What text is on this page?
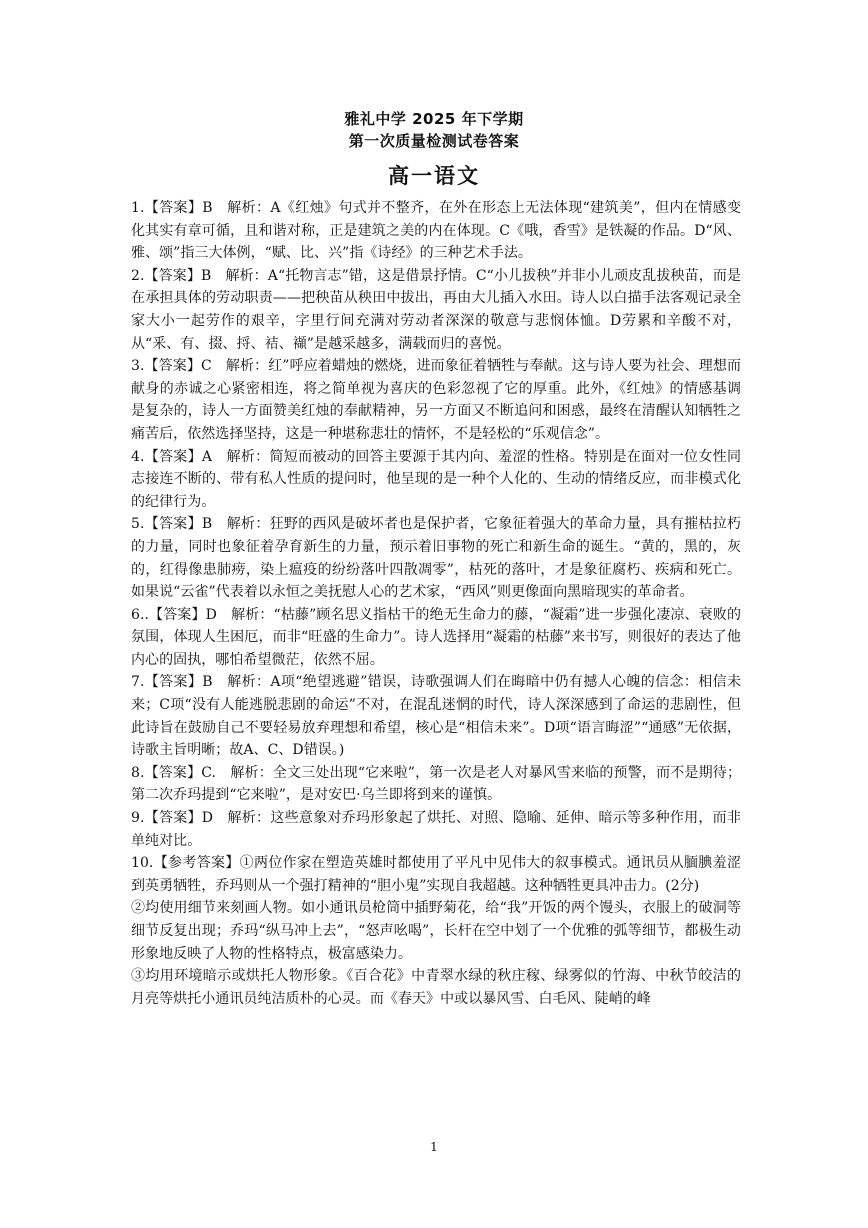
雅礼中学 2025 年下学期
第一次质量检测试卷答案
高一语文

1.【答案】B　解析：A《红烛》句式并不整齐，在外在形态上无法体现“建筑美”，但内在情感变化其实有章可循，且和谐对称，正是建筑之美的内在体现。C《哦，香雪》是铁凝的作品。D“风、雅、颂”指三大体例，“赋、比、兴”指《诗经》的三种艺术手法。

2.【答案】B　解析：A“托物言志”错，这是借景抒情。C“小儿拔秧”并非小儿顽皮乱拔秧苗，而是在承担具体的劳动职责——把秧苗从秧田中拔出，再由大儿插入水田。诗人以白描手法客观记录全家大小一起劳作的艰辛，字里行间充满对劳动者深深的敬意与悲悯体恤。D劳累和辛酸不对，从“釆、有、掇、捋、袺、襭”是越采越多，满载而归的喜悦。

3.【答案】C　解析：红”呼应着蜡烛的燃烧，进而象征着牺牲与奉献。这与诗人要为社会、理想而献身的赤诚之心紧密相连，将之简单视为喜庆的色彩忽视了它的厚重。此外，《红烛》的情感基调是复杂的，诗人一方面赞美红烛的奉献精神，另一方面又不断追问和困惑，最终在清醒认知牺牲之痛苦后，依然选择坚持，这是一种堪称悲壮的情怀，不是轻松的“乐观信念”。

4.【答案】A　解析：简短而被动的回答主要源于其内向、羞涩的性格。特别是在面对一位女性同志接连不断的、带有私人性质的提问时，他呈现的是一种个人化的、生动的情绪反应，而非模式化的纪律行为。

5.【答案】B　解析：狂野的西风是破坏者也是保护者，它象征着强大的革命力量，具有摧枯拉朽的力量，同时也象征着孕育新生的力量，预示着旧事物的死亡和新生命的诞生。“黄的，黑的，灰的，红得像患肺痨，染上瘟疫的纷纷落叶四散凋零”，枯死的落叶，才是象征腐朽、疾病和死亡。如果说“云雀”代表着以永恒之美抚慰人心的艺术家，“西风”则更像面向黑暗现实的革命者。

6..【答案】D　解析：“枯藤”顾名思义指枯干的绝无生命力的藤，“凝霜”进一步强化凄凉、衰败的氛围，体现人生困厄，而非“旺盛的生命力”。诗人选择用“凝霜的枯藤”来书写，则很好的表达了他内心的固执，哪怕希望微茫，依然不屈。

7.【答案】B　解析：A项“绝望逃避”错误，诗歌强调人们在晦暗中仍有撼人心魄的信念：相信未来；C项“没有人能逃脱悲剧的命运”不对，在混乱迷惘的时代，诗人深深感到了命运的悲剧性，但此诗旨在鼓励自己不要轻易放弃理想和希望，核心是“相信未来”。D项“语言晦涩”“通感”无依据，诗歌主旨明晰；故A、C、D错误。)

8.【答案】C.　解析：全文三处出现“它来啦”，第一次是老人对暴风雪来临的预警，而不是期待；第二次乔玛提到“它来啦”，是对安巴·乌兰即将到来的谨慎。

9.【答案】D　解析：这些意象对乔玛形象起了烘托、对照、隐喻、延伸、暗示等多种作用，而非单纯对比。

10.【参考答案】①两位作家在塑造英雄时都使用了平凡中见伟大的叙事模式。通讯员从腼腆羞涩到英勇牺牲，乔玛则从一个强打精神的“胆小鬼”实现自我超越。这种牺牲更具冲击力。(2分)

②均使用细节来刻画人物。如小通讯员枪筒中插野菊花，给“我”开饭的两个馒头，衣服上的破洞等细节反复出现；乔玛“纵马冲上去”，“怒声吆喝”，长杆在空中划了一个优雅的弧等细节，都极生动形象地反映了人物的性格特点，极富感染力。

③均用环境暗示或烘托人物形象。《百合花》中青翠水绿的秋庄稼、绿雾似的竹海、中秋节皎洁的月亮等烘托小通讯员纯洁质朴的心灵。而《春天》中或以暴风雪、白毛风、陡峭的峰

1
